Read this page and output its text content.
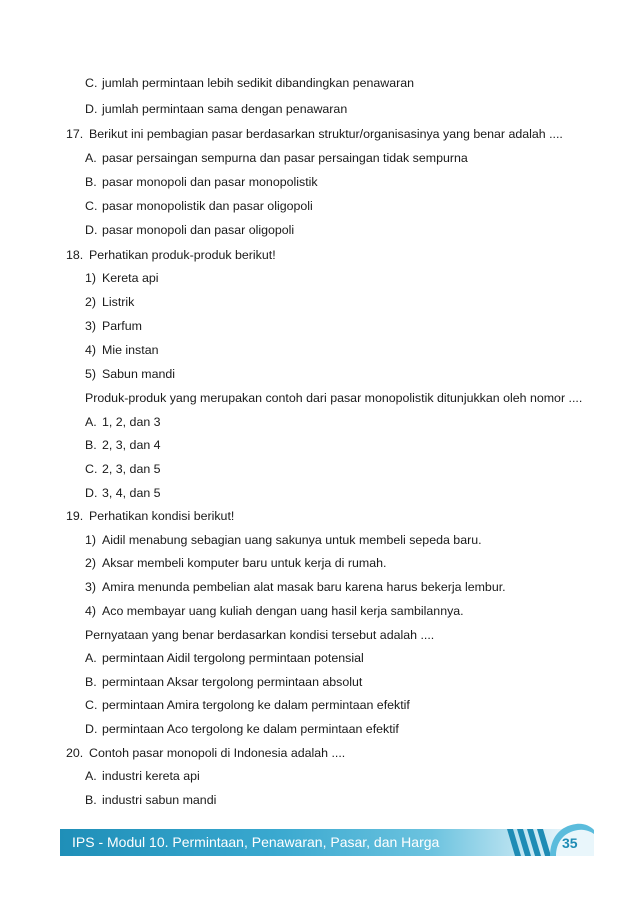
C. jumlah permintaan lebih sedikit dibandingkan penawaran
D. jumlah permintaan sama dengan penawaran
17. Berikut ini pembagian pasar berdasarkan struktur/organisasinya yang benar adalah ....
A. pasar persaingan sempurna dan pasar persaingan tidak sempurna
B. pasar monopoli dan pasar monopolistik
C. pasar monopolistik dan pasar oligopoli
D. pasar monopoli dan pasar oligopoli
18. Perhatikan produk-produk berikut!
1) Kereta api
2) Listrik
3) Parfum
4) Mie instan
5) Sabun mandi
Produk-produk yang merupakan contoh dari pasar monopolistik ditunjukkan oleh nomor ....
A. 1, 2, dan 3
B. 2, 3, dan 4
C. 2, 3, dan 5
D. 3, 4, dan 5
19. Perhatikan kondisi berikut!
1) Aidil menabung sebagian uang sakunya untuk membeli sepeda baru.
2) Aksar membeli komputer baru untuk kerja di rumah.
3) Amira menunda pembelian alat masak baru karena harus bekerja lembur.
4) Aco membayar uang kuliah dengan uang hasil kerja sambilannya.
Pernyataan yang benar berdasarkan kondisi tersebut adalah ....
A. permintaan Aidil tergolong permintaan potensial
B. permintaan Aksar tergolong permintaan absolut
C. permintaan Amira tergolong ke dalam permintaan efektif
D. permintaan Aco tergolong ke dalam permintaan efektif
20. Contoh pasar monopoli di Indonesia adalah ....
A. industri kereta api
B. industri sabun mandi
IPS - Modul 10. Permintaan, Penawaran, Pasar, dan Harga	35
